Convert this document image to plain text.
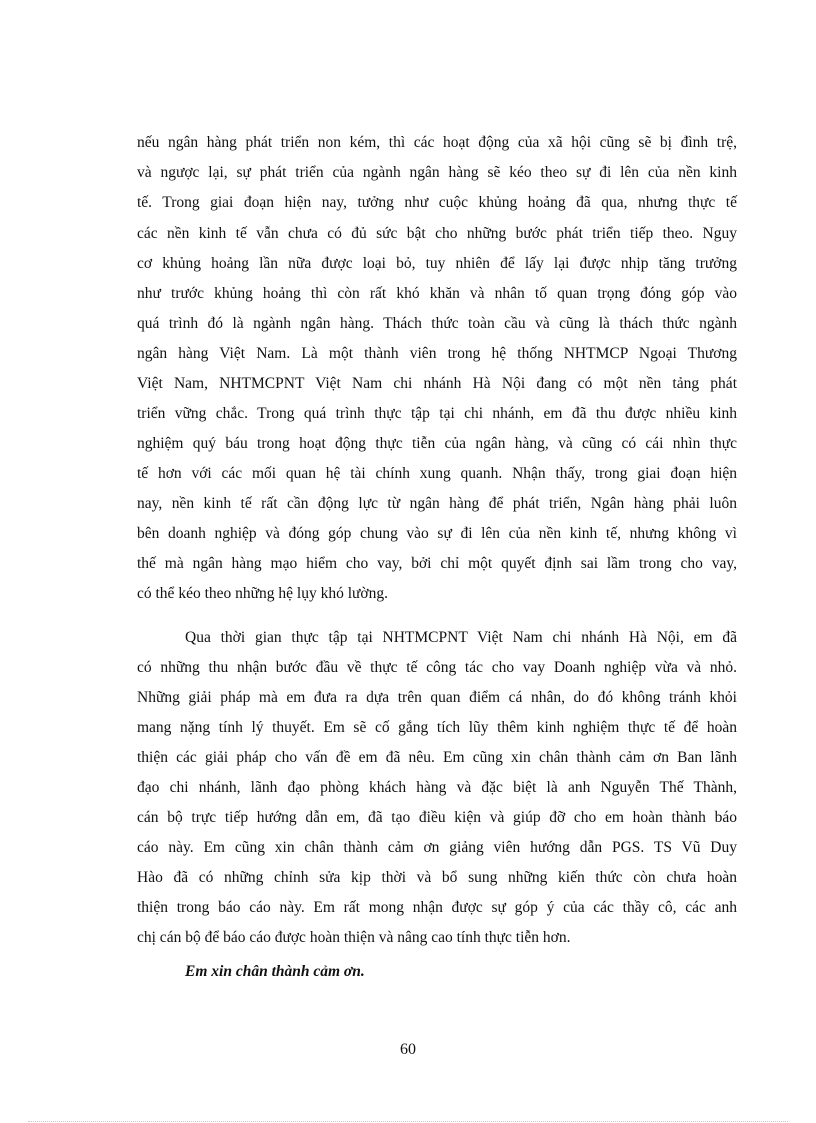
nếu ngân hàng phát triển non kém, thì các hoạt động của xã hội cũng sẽ bị đình trệ,
và ngược lại, sự phát triển của ngành ngân hàng sẽ kéo theo sự đi lên của nền kinh
tế. Trong giai đoạn hiện nay, tưởng như cuộc khủng hoảng đã qua, nhưng thực tế
các nền kinh tế vẫn chưa có đủ sức bật cho những bước phát triển tiếp theo. Nguy
cơ khủng hoảng lần nữa được loại bỏ, tuy nhiên để lấy lại được nhịp tăng trưởng
như trước khủng hoảng thì còn rất khó khăn và nhân tố quan trọng đóng góp vào
quá trình đó là ngành ngân hàng. Thách thức toàn cầu và cũng là thách thức ngành
ngân hàng Việt Nam. Là một thành viên trong hệ thống NHTMCP Ngoại Thương
Việt Nam, NHTMCPNT Việt Nam chi nhánh Hà Nội đang có một nền tảng phát
triển vững chắc. Trong quá trình thực tập tại chi nhánh, em đã thu được nhiều kinh
nghiệm quý báu trong hoạt động thực tiễn của ngân hàng, và cũng có cái nhìn thực
tế hơn với các mối quan hệ tài chính xung quanh. Nhận thấy, trong giai đoạn hiện
nay, nền kinh tế rất cần động lực từ ngân hàng để phát triển, Ngân hàng phải luôn
bên doanh nghiệp và đóng góp chung vào sự đi lên của nền kinh tế, nhưng không vì
thế mà ngân hàng mạo hiểm cho vay, bởi chỉ một quyết định sai lầm trong cho vay,
có thể kéo theo những hệ lụy khó lường.
Qua thời gian thực tập tại NHTMCPNT Việt Nam chi nhánh Hà Nội, em đã
có những thu nhận bước đầu về thực tế công tác cho vay Doanh nghiệp vừa và nhỏ.
Những giải pháp mà em đưa ra dựa trên quan điểm cá nhân, do đó không tránh khỏi
mang nặng tính lý thuyết. Em sẽ cố gắng tích lũy thêm kinh nghiệm thực tế để hoàn
thiện các giải pháp cho vấn đề em đã nêu. Em cũng xin chân thành cảm ơn Ban lãnh
đạo chi nhánh, lãnh đạo phòng khách hàng và đặc biệt là anh Nguyễn Thế Thành,
cán bộ trực tiếp hướng dẫn em, đã tạo điều kiện và giúp đỡ cho em hoàn thành báo
cáo này. Em cũng xin chân thành cảm ơn giảng viên hướng dẫn PGS. TS Vũ Duy
Hào đã có những chỉnh sửa kịp thời và bổ sung những kiến thức còn chưa hoàn
thiện trong báo cáo này. Em rất mong nhận được sự góp ý của các thầy cô, các anh
chị cán bộ để báo cáo được hoàn thiện và nâng cao tính thực tiễn hơn.
Em xin chân thành cảm ơn.
60
